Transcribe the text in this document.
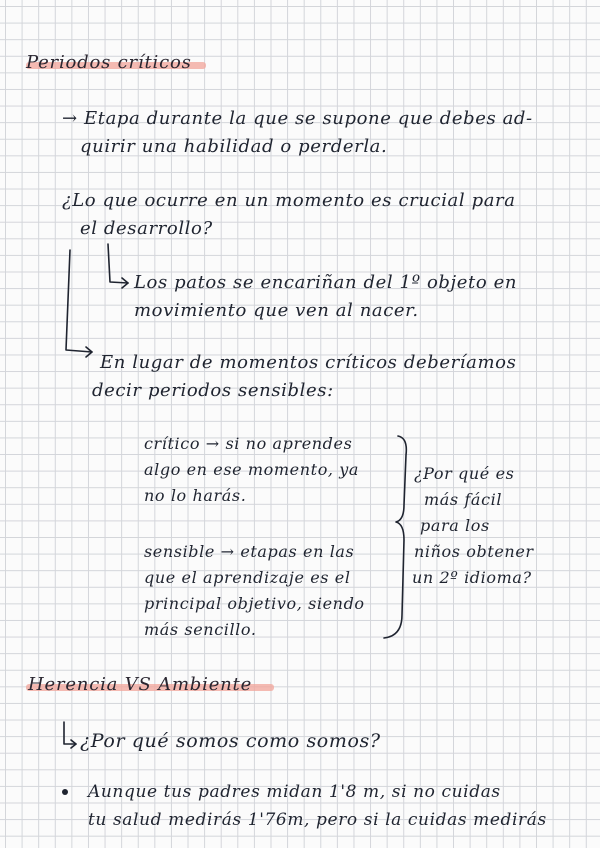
Periodos críticos
→ Etapa durante la que se supone que debes ad-
quirir una habilidad o perderla.
¿Lo que ocurre en un momento es crucial para
el desarrollo?
Los patos se encariñan del 1º objeto en
movimiento que ven al nacer.
En lugar de momentos críticos deberíamos
decir periodos sensibles:
crítico → si no aprendes
algo en ese momento, ya
no lo harás.
sensible → etapas en las
que el aprendizaje es el
principal objetivo, siendo
más sencillo.
¿Por qué es
más fácil
para los
niños obtener
un 2º idioma?
Herencia VS Ambiente
¿Por qué somos como somos?
Aunque tus padres midan 1'8 m, si no cuidas
tu salud medirás 1'76m, pero si la cuidas medirás
